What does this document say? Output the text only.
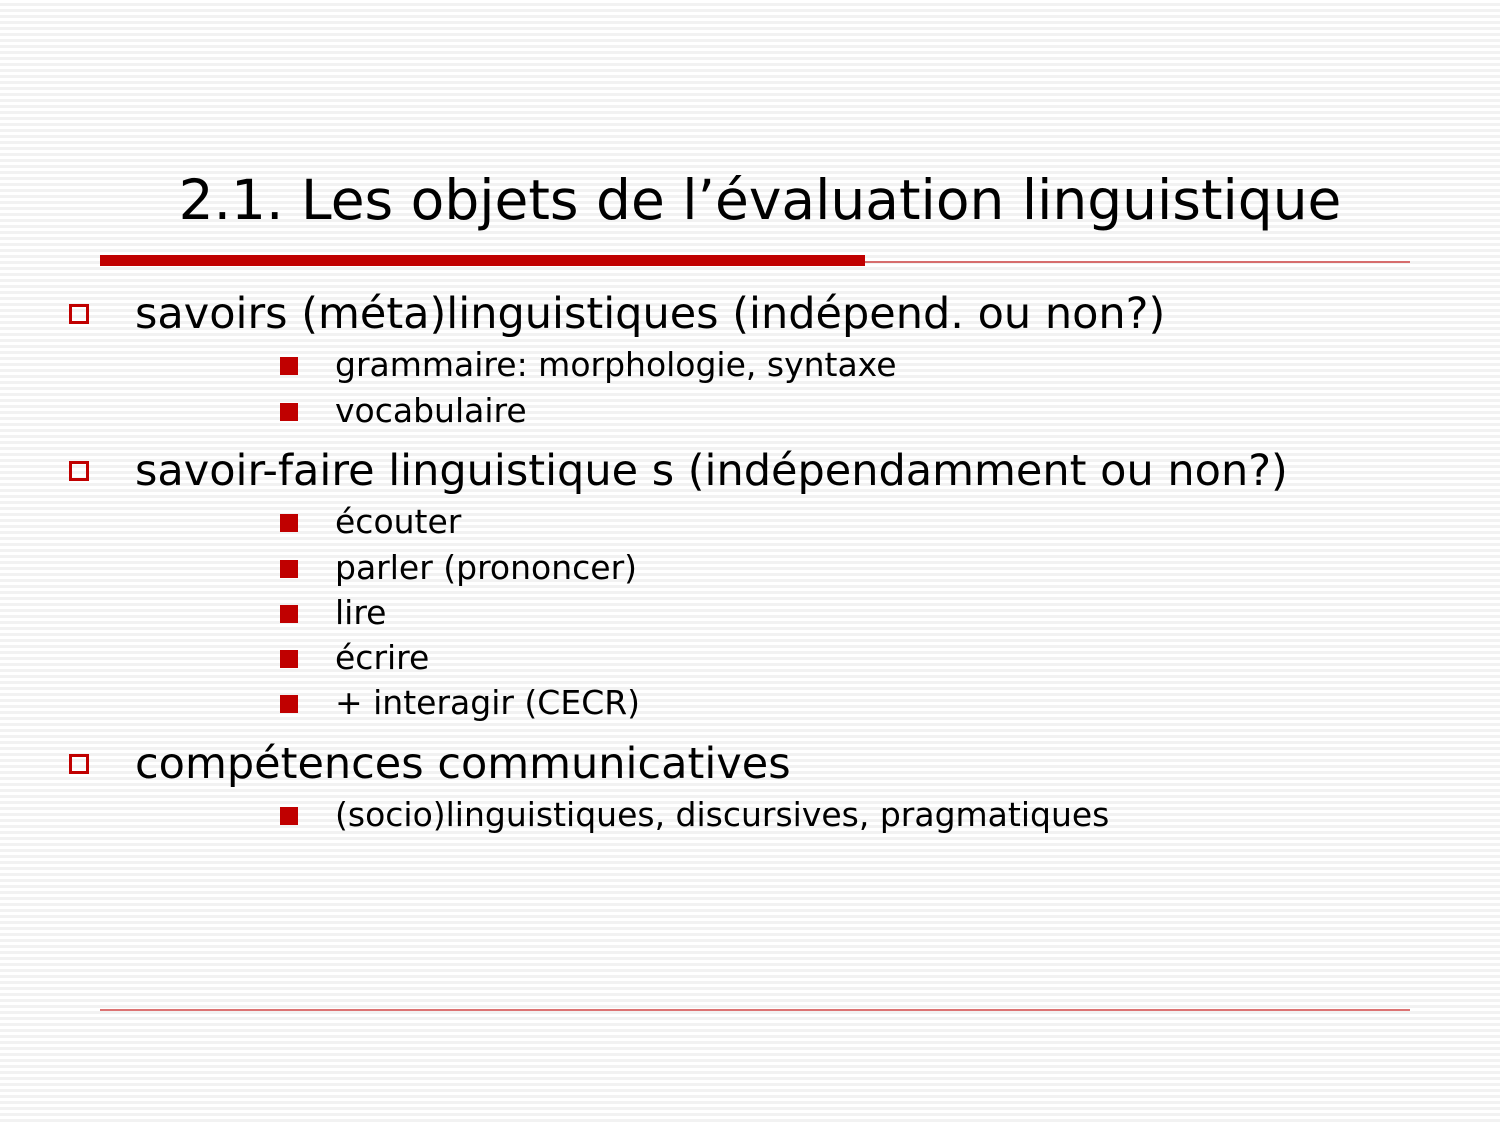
2.1. Les objets de l’évaluation linguistique
savoirs (méta)linguistiques (indépend. ou non?)
grammaire: morphologie, syntaxe
vocabulaire
savoir-faire linguistique s (indépendamment ou non?)
écouter
parler (prononcer)
lire
écrire
+ interagir (CECR)
compétences communicatives
(socio)linguistiques, discursives, pragmatiques
